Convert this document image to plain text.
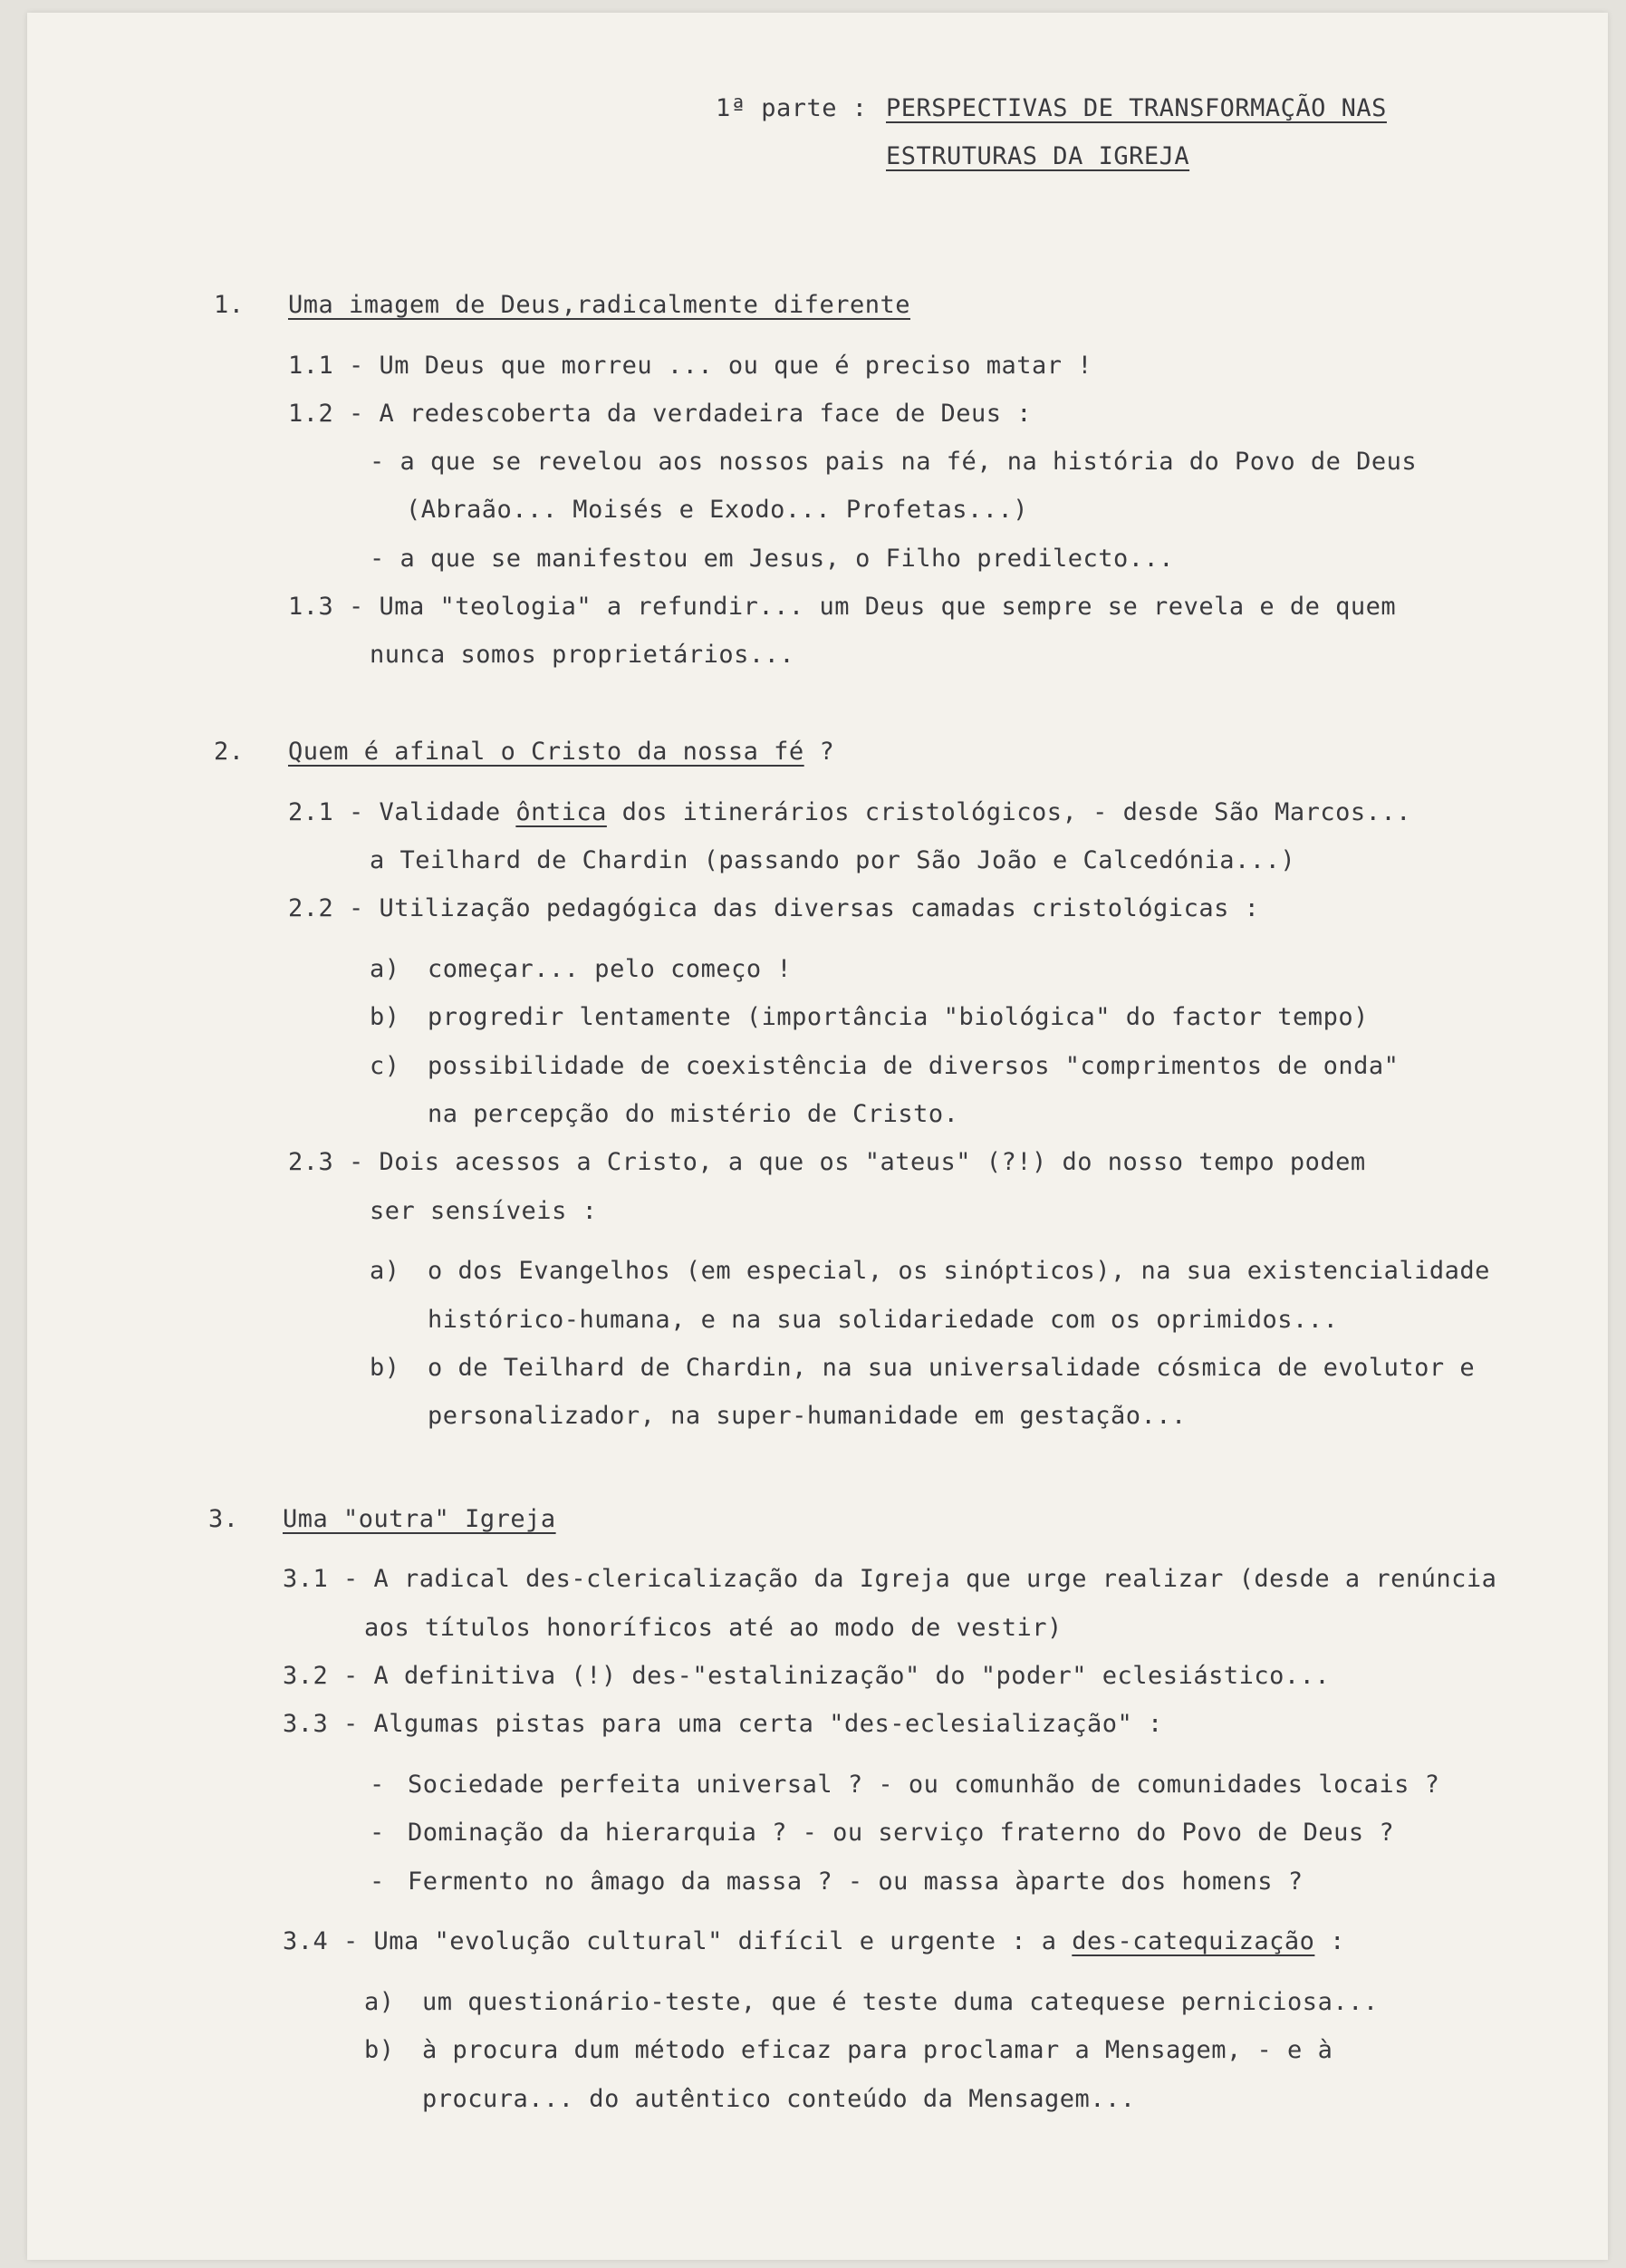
1ª parte : PERSPECTIVAS DE TRANSFORMAÇÃO NAS
ESTRUTURAS DA IGREJA
1. Uma imagem de Deus,radicalmente diferente
1.1 - Um Deus que morreu ... ou que é preciso matar !
1.2 - A redescoberta da verdadeira face de Deus :
- a que se revelou aos nossos pais na fé, na história do Povo de Deus
(Abraão... Moisés e Exodo... Profetas...)
- a que se manifestou em Jesus, o Filho predilecto...
1.3 - Uma "teologia" a refundir... um Deus que sempre se revela e de quem
nunca somos proprietários...
2. Quem é afinal o Cristo da nossa fé ?
2.1 - Validade ôntica dos itinerários cristológicos, - desde São Marcos...
a Teilhard de Chardin (passando por São João e Calcedónia...)
2.2 - Utilização pedagógica das diversas camadas cristológicas :
a) começar... pelo começo !
b) progredir lentamente (importância "biológica" do factor tempo)
c) possibilidade de coexistência de diversos "comprimentos de onda"
na percepção do mistério de Cristo.
2.3 - Dois acessos a Cristo, a que os "ateus" (?!) do nosso tempo podem
ser sensíveis :
a) o dos Evangelhos (em especial, os sinópticos), na sua existencialidade
histórico-humana, e na sua solidariedade com os oprimidos...
b) o de Teilhard de Chardin, na sua universalidade cósmica de evolutor e
personalizador, na super-humanidade em gestação...
3. Uma "outra" Igreja
3.1 - A radical des-clericalização da Igreja que urge realizar (desde a renúncia
aos títulos honoríficos até ao modo de vestir)
3.2 - A definitiva (!) des-"estalinização" do "poder" eclesiástico...
3.3 - Algumas pistas para uma certa "des-eclesialização" :
- Sociedade perfeita universal ? - ou comunhão de comunidades locais ?
- Dominação da hierarquia ? - ou serviço fraterno do Povo de Deus ?
- Fermento no âmago da massa ? - ou massa àparte dos homens ?
3.4 - Uma "evolução cultural" difícil e urgente : a des-catequização :
a) um questionário-teste, que é teste duma catequese perniciosa...
b) à procura dum método eficaz para proclamar a Mensagem, - e à
procura... do autêntico conteúdo da Mensagem...
